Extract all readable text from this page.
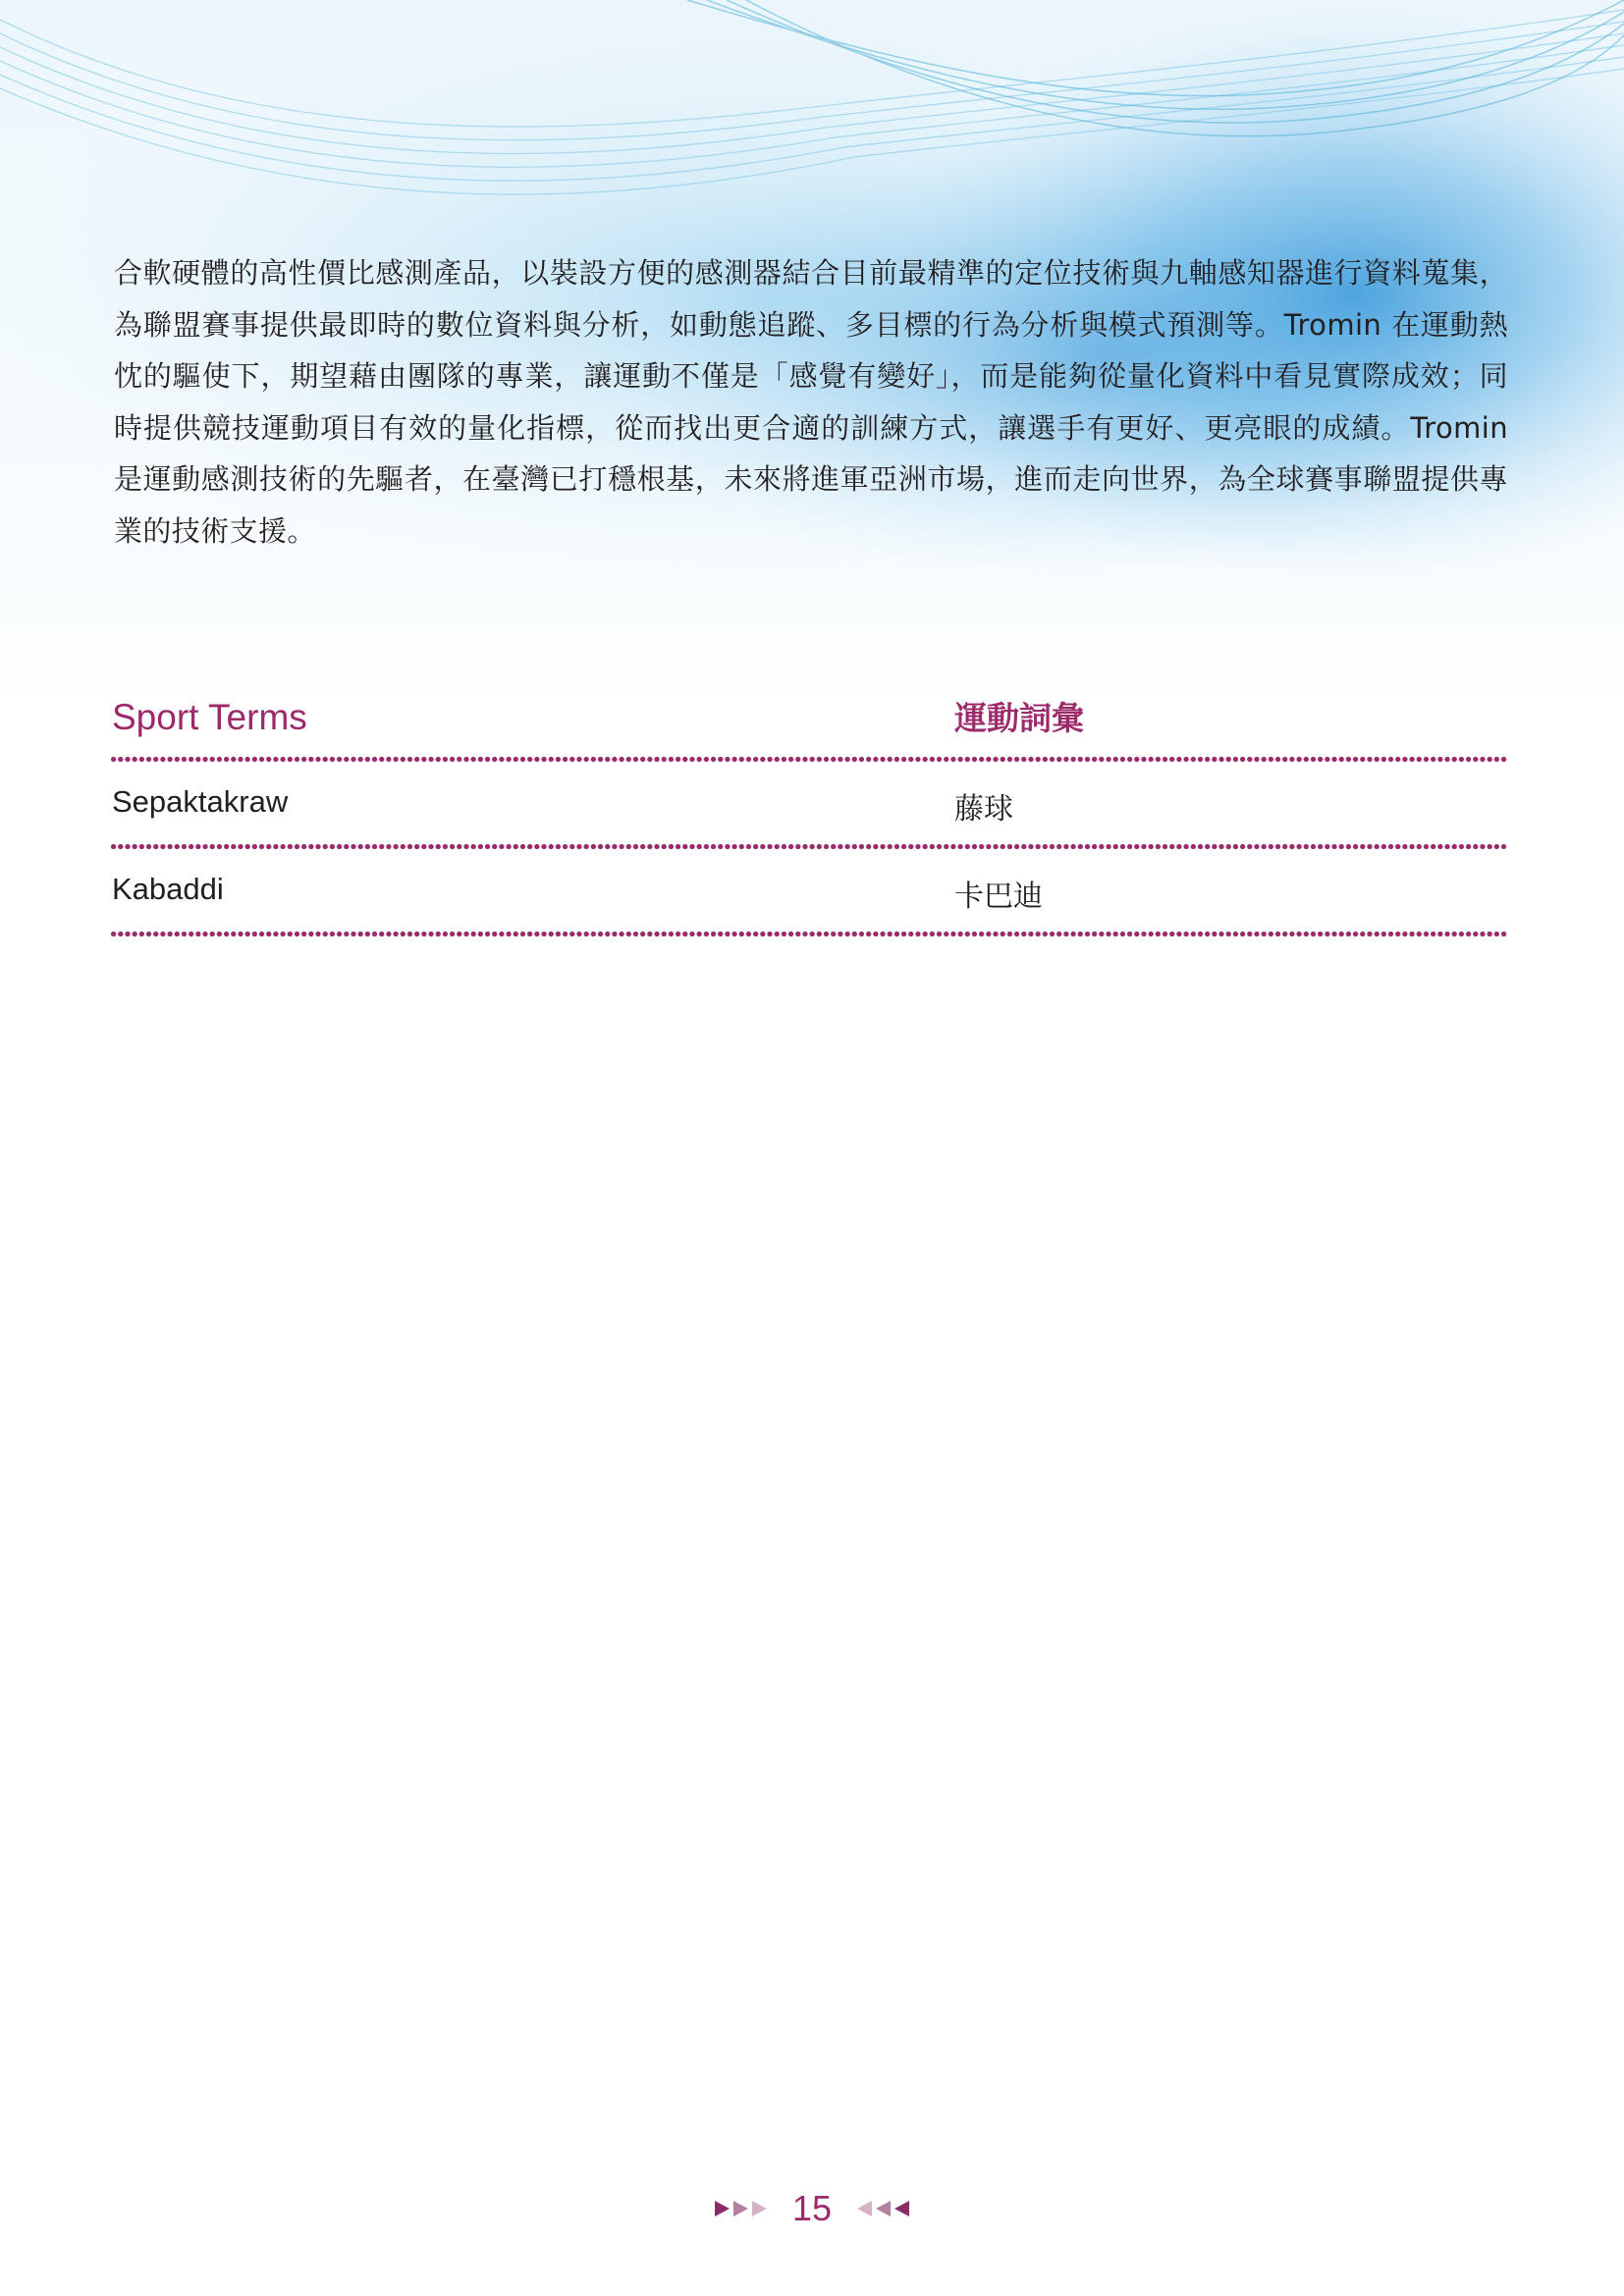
合軟硬體的高性價比感測產品，以裝設方便的感測器結合目前最精準的定位技術與九軸感知器進行資料蒐集，為聯盟賽事提供最即時的數位資料與分析，如動態追蹤、多目標的行為分析與模式預測等。Tromin 在運動熱忱的驅使下，期望藉由團隊的專業，讓運動不僅是「感覺有變好」，而是能夠從量化資料中看見實際成效；同時提供競技運動項目有效的量化指標，從而找出更合適的訓練方式，讓選手有更好、更亮眼的成績。Tromin 是運動感測技術的先驅者，在臺灣已打穩根基，未來將進軍亞洲市場，進而走向世界，為全球賽事聯盟提供專業的技術支援。
Sport Terms	運動詞彙
Sepaktakraw	藤球
Kabaddi	卡巴迪
15
